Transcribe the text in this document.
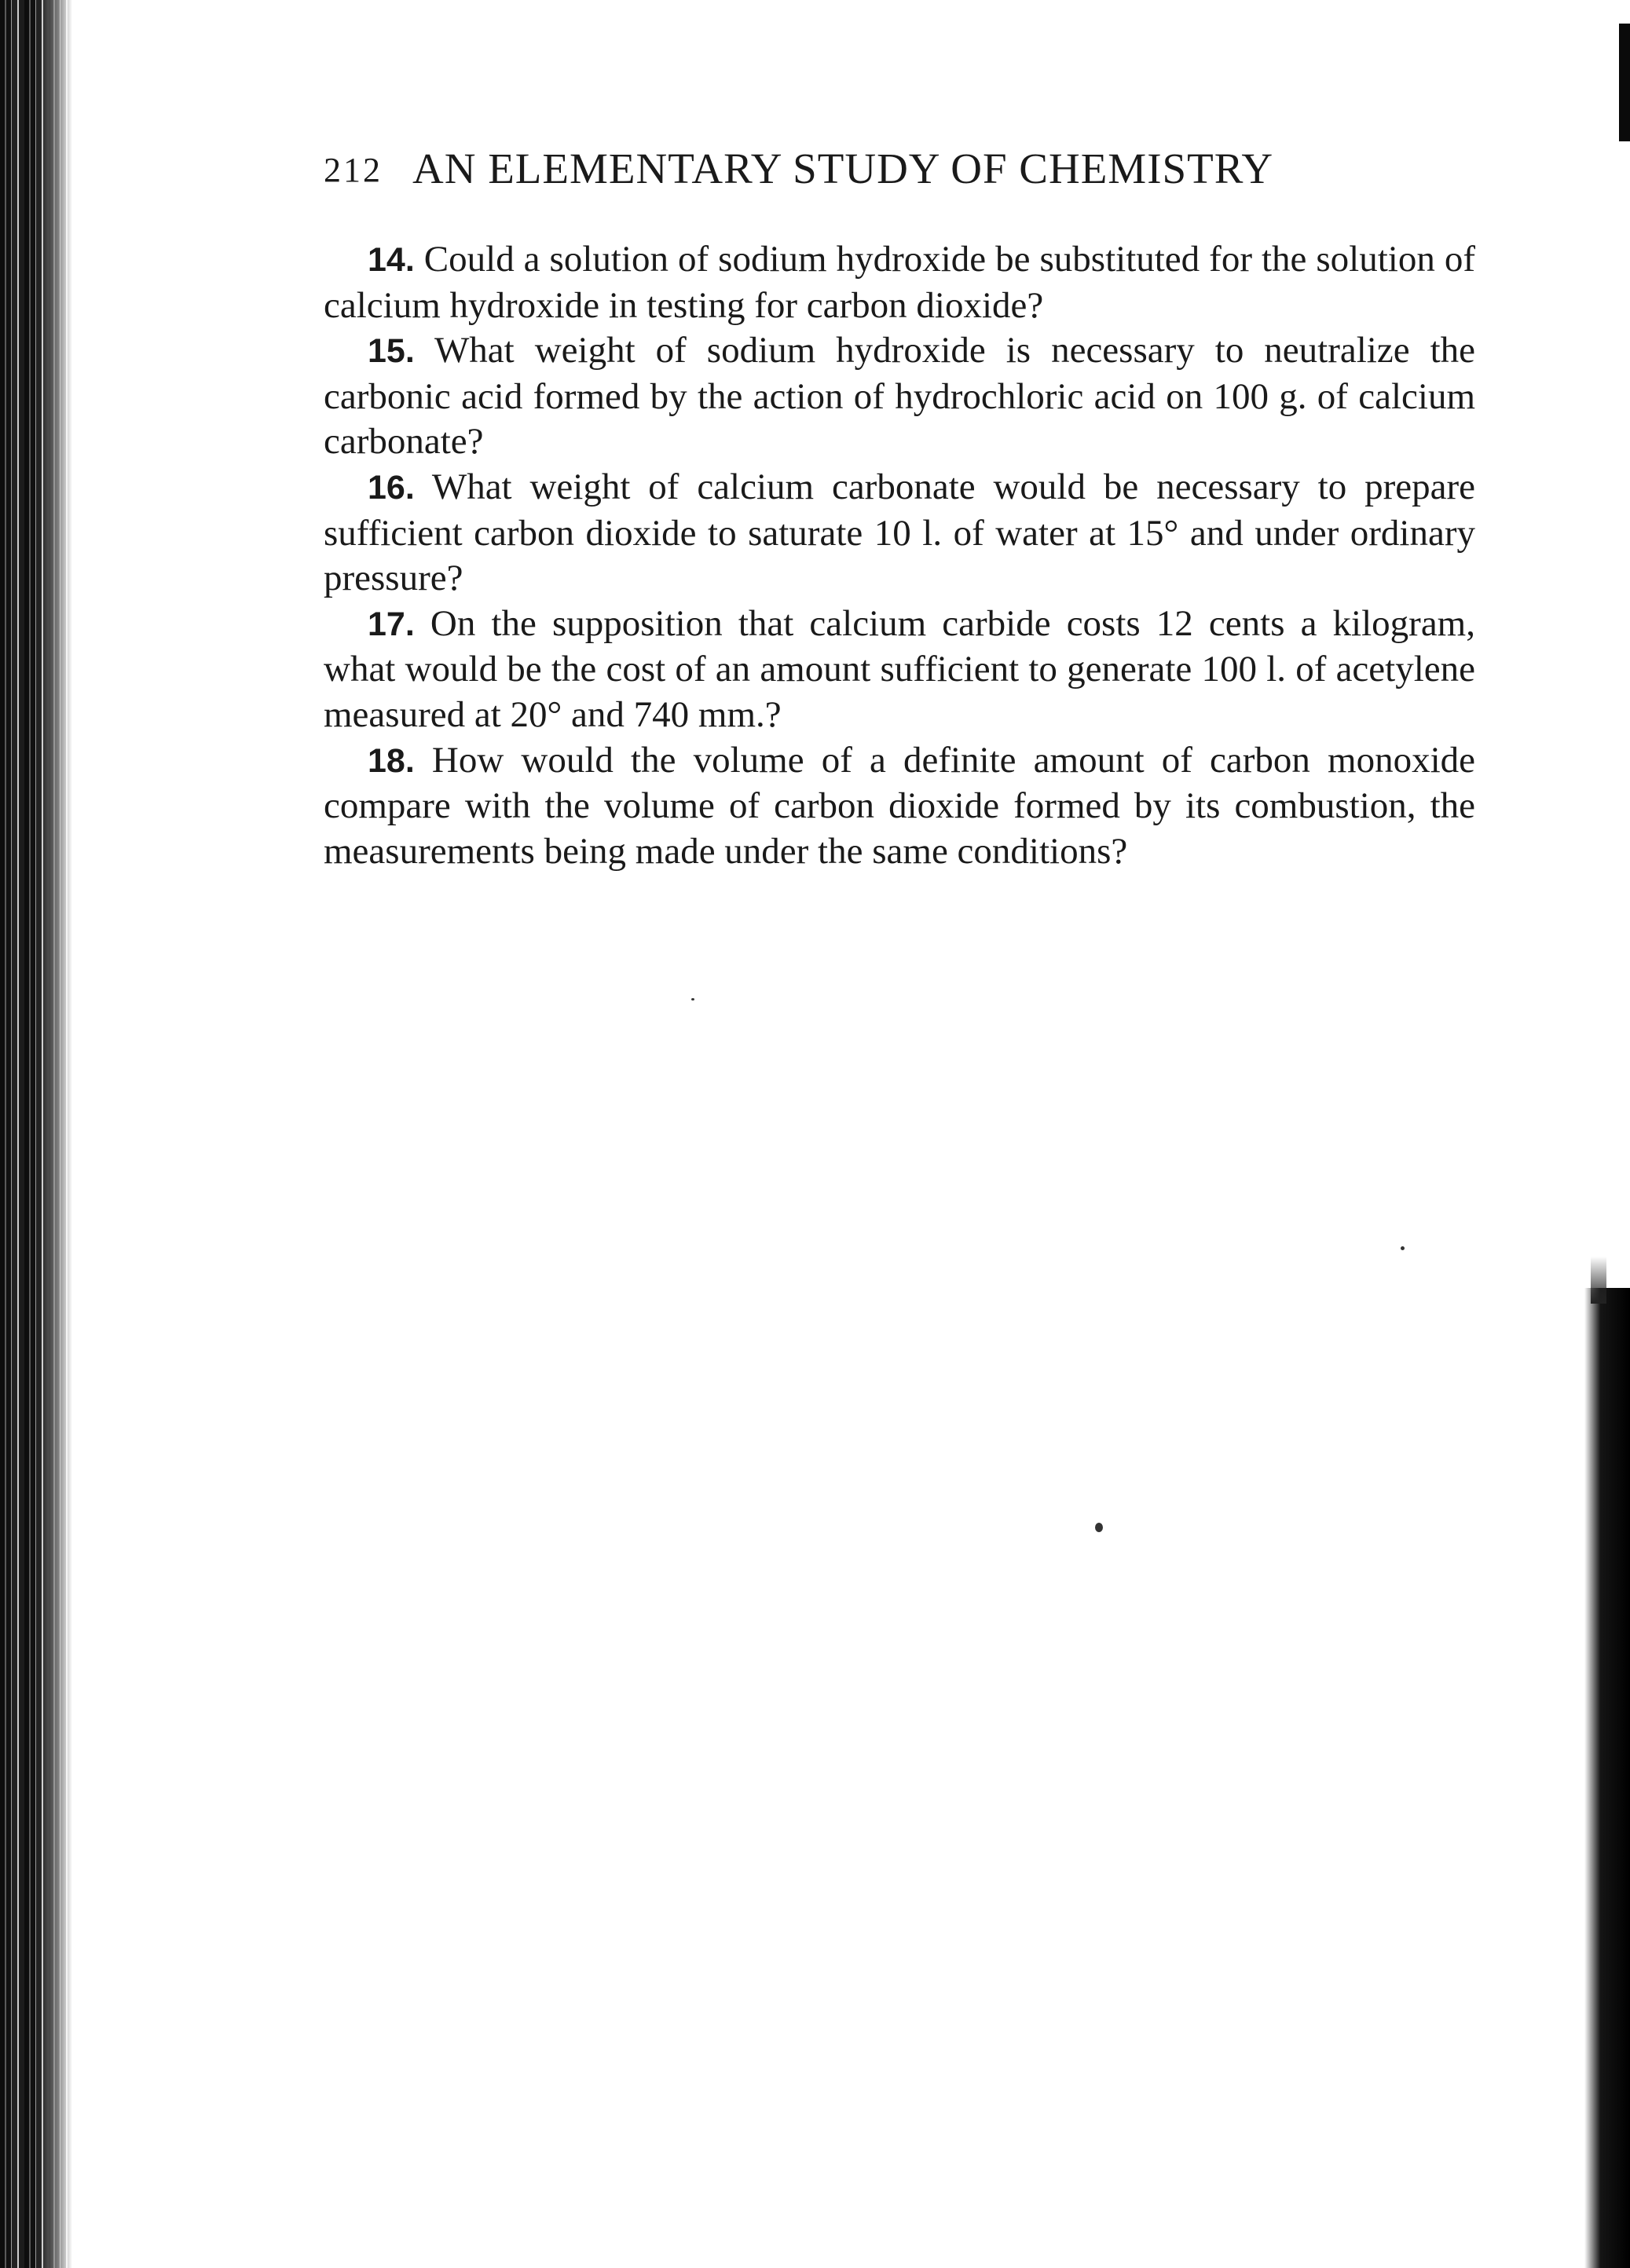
212 AN ELEMENTARY STUDY OF CHEMISTRY

14. Could a solution of sodium hydroxide be substituted for the solution of calcium hydroxide in testing for carbon dioxide?

15. What weight of sodium hydroxide is necessary to neutralize the carbonic acid formed by the action of hydrochloric acid on 100 g. of calcium carbonate?

16. What weight of calcium carbonate would be necessary to prepare sufficient carbon dioxide to saturate 10 l. of water at 15° and under ordinary pressure?

17. On the supposition that calcium carbide costs 12 cents a kilogram, what would be the cost of an amount sufficient to generate 100 l. of acetylene measured at 20° and 740 mm.?

18. How would the volume of a definite amount of carbon monoxide compare with the volume of carbon dioxide formed by its combustion, the measurements being made under the same conditions?
